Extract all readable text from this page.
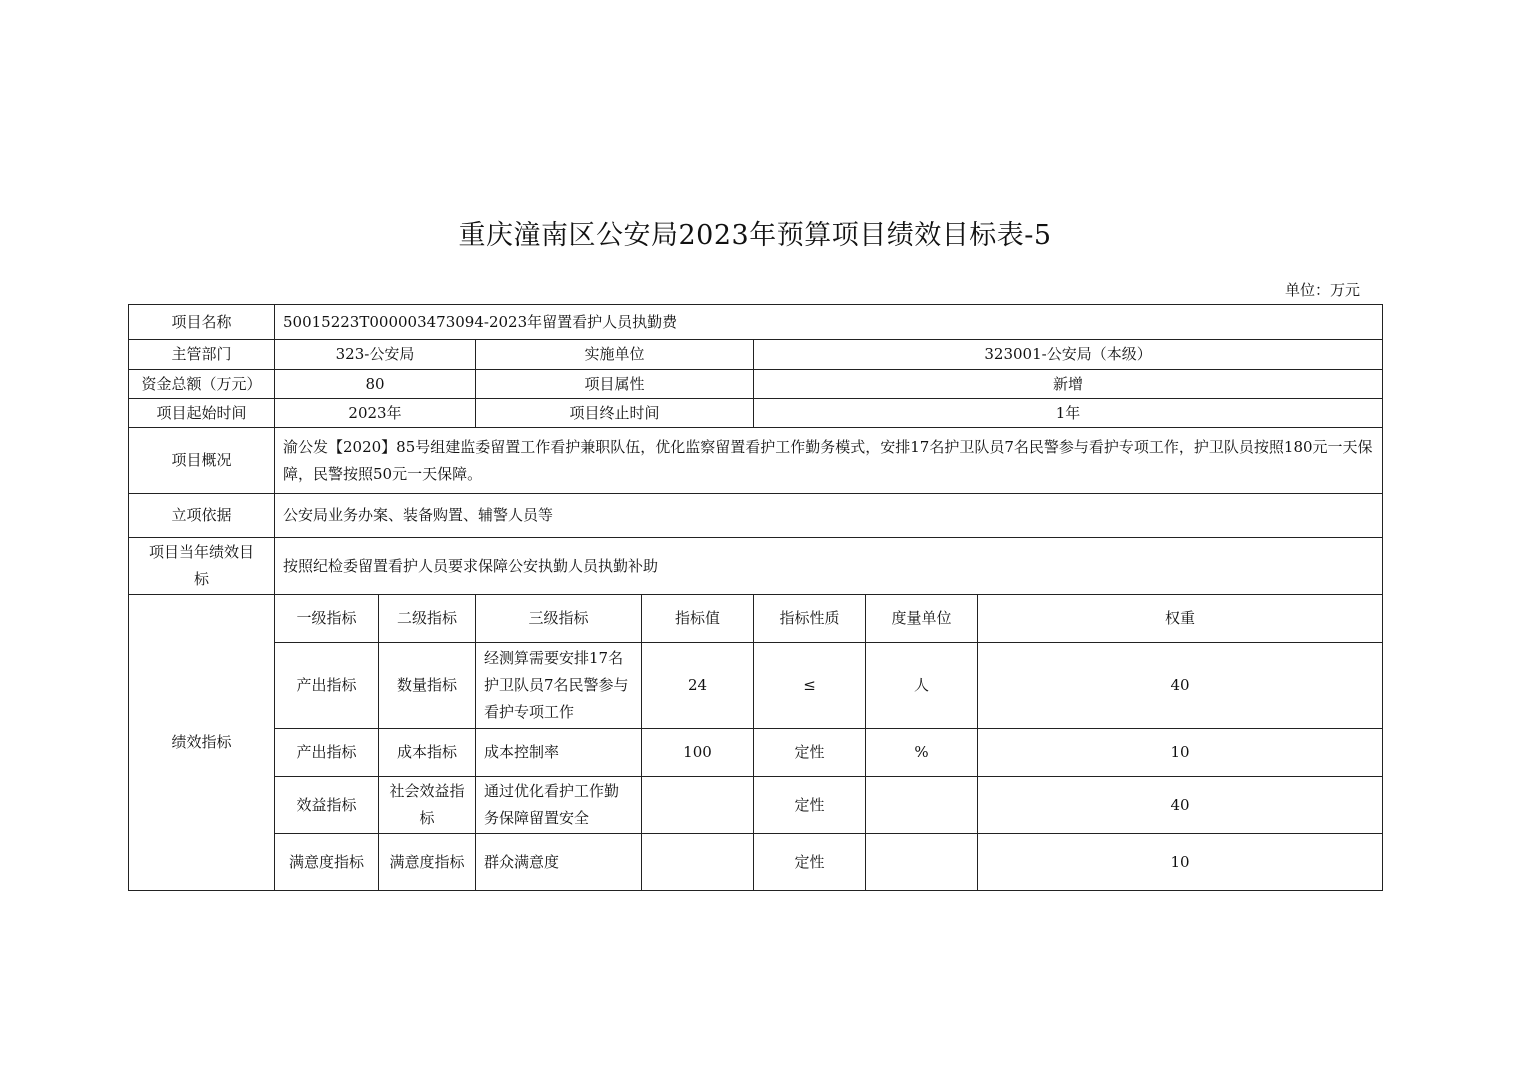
重庆潼南区公安局2023年预算项目绩效目标表-5
单位：万元
项目名称	50015223T000003473094-2023年留置看护人员执勤费						
主管部门	323-公安局		实施单位		323001-公安局（本级）		
资金总额（万元）	80		项目属性		新增		
项目起始时间	2023年		项目终止时间		1年		
项目概况	渝公发【2020】85号组建监委留置工作看护兼职队伍，优化监察留置看护工作勤务模式，安排17名护卫队员7名民警参与看护专项工作，护卫队员按照180元一天保障，民警按照50元一天保障。						
立项依据	公安局业务办案、装备购置、辅警人员等						
项目当年绩效目标	按照纪检委留置看护人员要求保障公安执勤人员执勤补助						
绩效指标	一级指标	二级指标	三级指标	指标值	指标性质	度量单位	权重
	产出指标	数量指标	经测算需要安排17名护卫队员7名民警参与看护专项工作	24	≤	人	40
	产出指标	成本指标	成本控制率	100	定性	%	10
	效益指标	社会效益指标	通过优化看护工作勤务保障留置安全		定性		40
	满意度指标	满意度指标	群众满意度		定性		10
